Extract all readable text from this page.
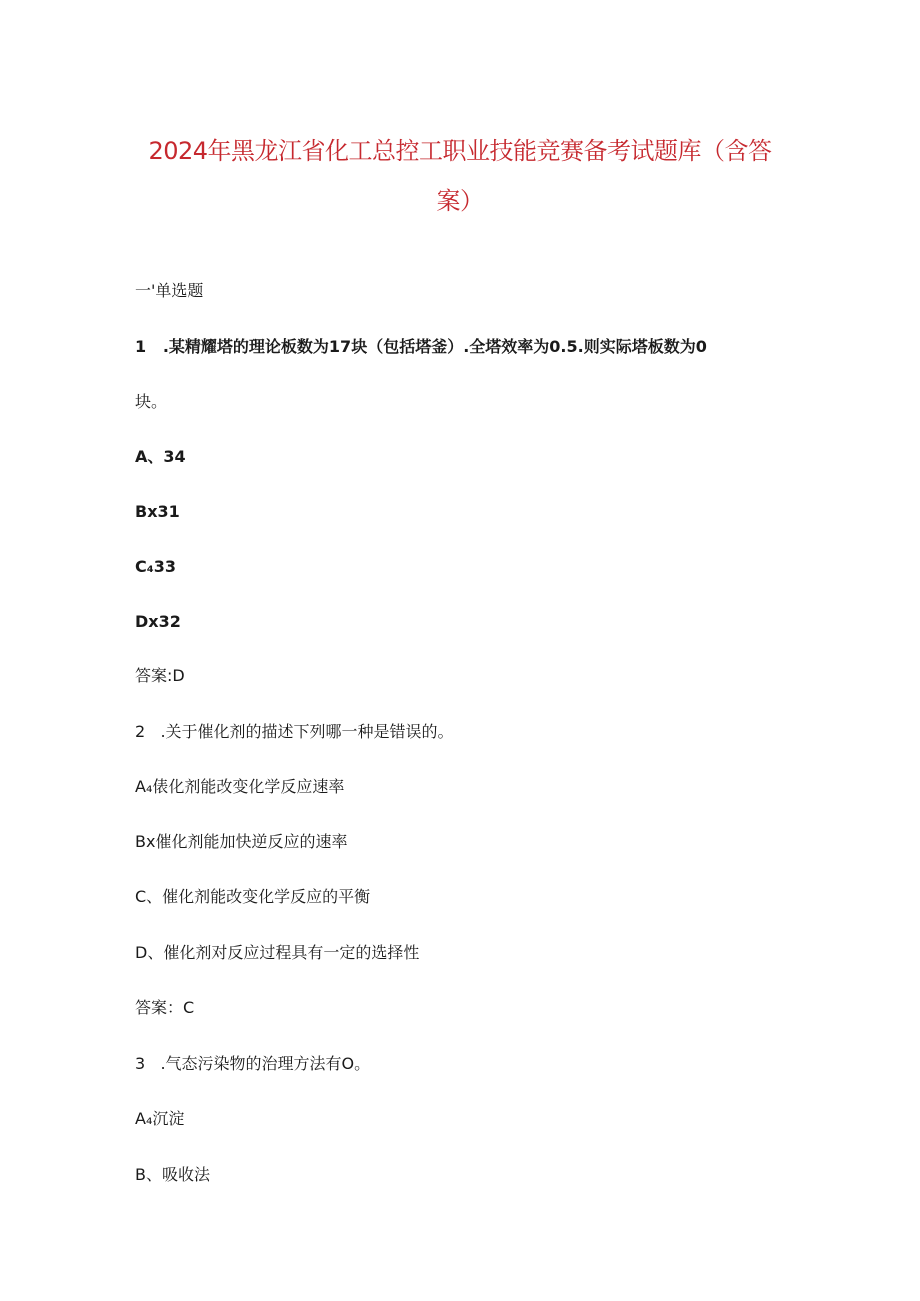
2024年黑龙江省化工总控工职业技能竞赛备考试题库（含答
案）
一'单选题
1   .某精耀塔的理论板数为17块（包括塔釜）.全塔效率为0.5.则实际塔板数为0
块。
A、34
Bx31
C₄33
Dx32
答案:D
2   .关于催化剂的描述下列哪一种是错误的。
A₄俵化剂能改变化学反应速率
Bx催化剂能加快逆反应的速率
C、催化剂能改变化学反应的平衡
D、催化剂对反应过程具有一定的选择性
答案：C
3   .气态污染物的治理方法有O。
A₄沉淀
B、吸收法
